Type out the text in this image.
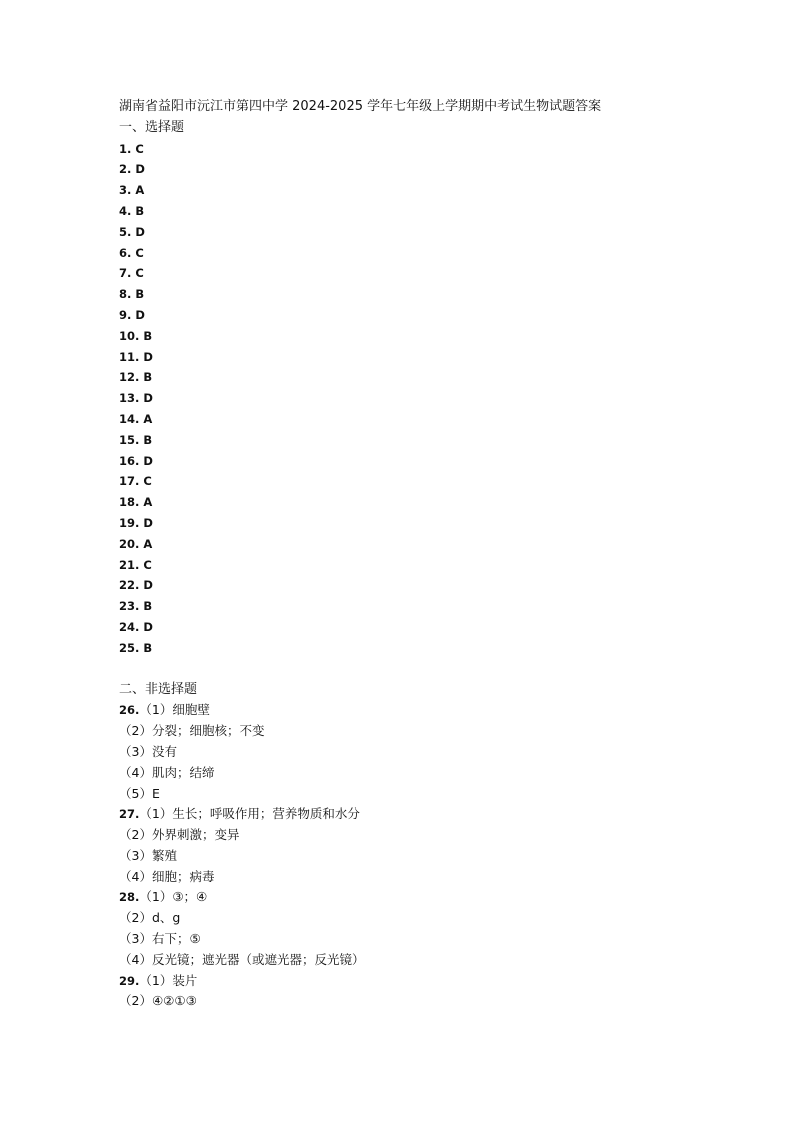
湖南省益阳市沅江市第四中学 2024-2025 学年七年级上学期期中考试生物试题答案
一、选择题
1. C
2. D
3. A
4. B
5. D
6. C
7. C
8. B
9. D
10. B
11. D
12. B
13. D
14. A
15. B
16. D
17. C
18. A
19. D
20. A
21. C
22. D
23. B
24. D
25. B
二、非选择题
26.（1）细胞壁
（2）分裂；细胞核；不变
（3）没有
（4）肌肉；结缔
（5）E
27.（1）生长；呼吸作用；营养物质和水分
（2）外界刺激；变异
（3）繁殖
（4）细胞；病毒
28.（1）③；④
（2）d、g
（3）右下；⑤
（4）反光镜；遮光器（或遮光器；反光镜）
29.（1）装片
（2）④②①③
